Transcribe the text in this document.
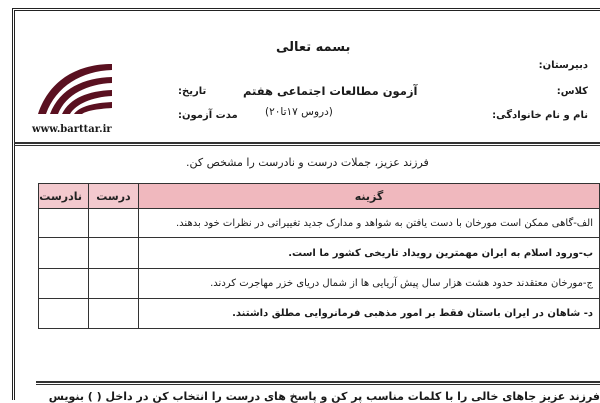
بسمه تعالی
آزمون مطالعات اجتماعی هفتم
(دروس ۱۷تا۲۰)
دبیرستان:
کلاس:
نام و نام خانوادگی:
تاریخ:
مدت آزمون:
www.barttar.ir
فرزند عزیز، جملات درست و نادرست را مشخص کن.
گزینه	درست	نادرست
الف-گاهی ممکن است مورخان با دست یافتن به شواهد و مدارک جدید تغییراتی در نظرات خود بدهند.		
ب-ورود اسلام به ایران مهمترین رویداد تاریخی کشور ما است.		
ج-مورخان معتقدند حدود هشت هزار سال پیش آریایی ها از شمال دریای خزر مهاجرت کردند.		
د- شاهان در ایران باستان فقط بر امور مذهبی فرمانروایی مطلق داشتند.		
فرزند عزیز جاهای خالی را با کلمات مناسب پر کن و پاسخ های درست را انتخاب کن در داخل ( ) بنویس
